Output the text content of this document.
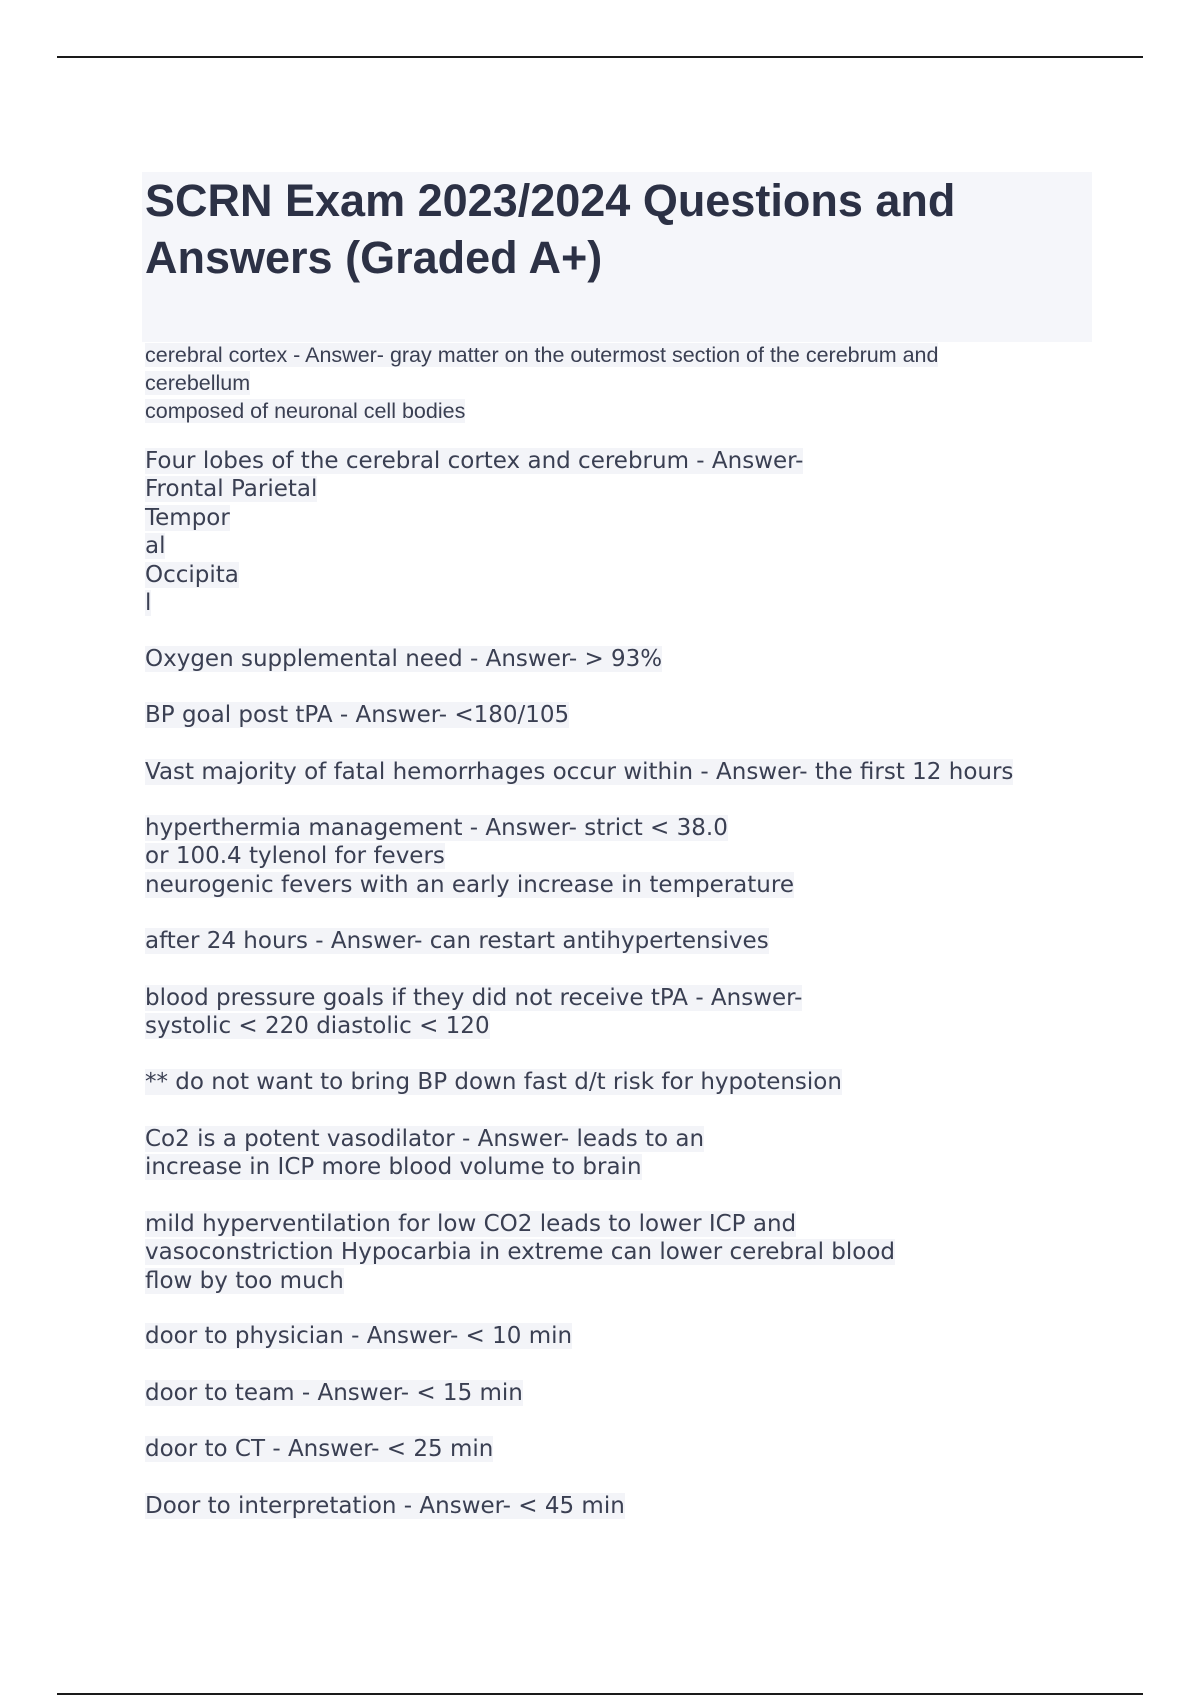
SCRN Exam 2023/2024 Questions and Answers (Graded A+)
cerebral cortex - Answer- gray matter on the outermost section of the cerebrum and
cerebellum
composed of neuronal cell bodies
Four lobes of the cerebral cortex and cerebrum - Answer-
Frontal Parietal
Tempor
al
Occipita
l
Oxygen supplemental need - Answer- > 93%
BP goal post tPA - Answer- <180/105
Vast majority of fatal hemorrhages occur within - Answer- the first 12 hours
hyperthermia management - Answer- strict < 38.0
or 100.4 tylenol for fevers
neurogenic fevers with an early increase in temperature
after 24 hours - Answer- can restart antihypertensives
blood pressure goals if they did not receive tPA - Answer-
systolic < 220 diastolic < 120
** do not want to bring BP down fast d/t risk for hypotension
Co2 is a potent vasodilator - Answer- leads to an
increase in ICP more blood volume to brain
mild hyperventilation for low CO2 leads to lower ICP and
vasoconstriction Hypocarbia in extreme can lower cerebral blood
flow by too much
door to physician - Answer- < 10 min
door to team - Answer- < 15 min
door to CT - Answer- < 25 min
Door to interpretation - Answer- < 45 min
